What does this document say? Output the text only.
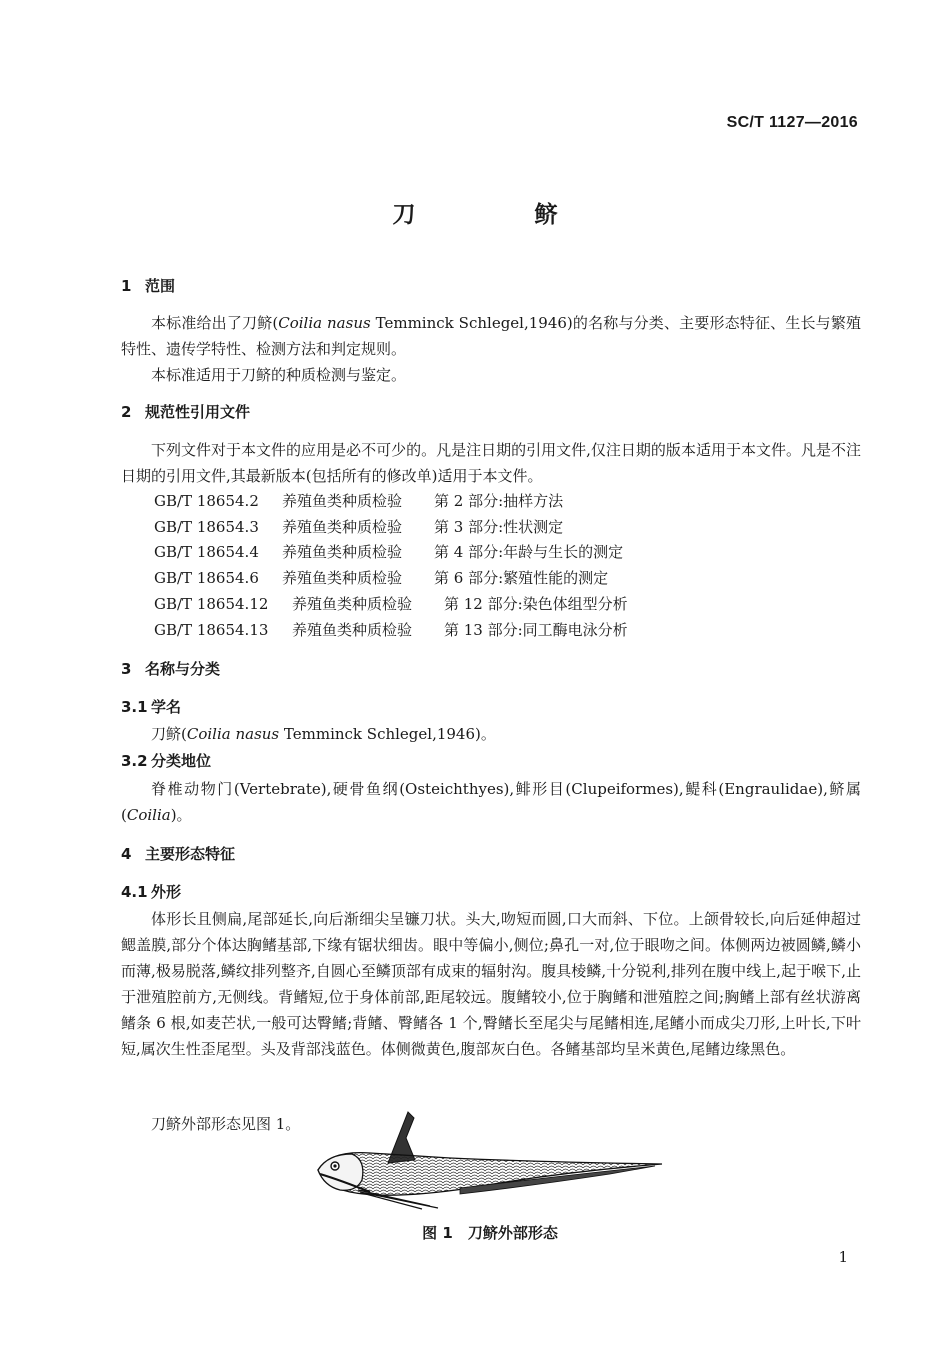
SC/T 1127—2016
刀　鲚
1 范围
本标准给出了刀鲚(Coilia nasus Temminck Schlegel,1946)的名称与分类、主要形态特征、生长与繁殖特性、遗传学特性、检测方法和判定规则。
本标准适用于刀鲚的种质检测与鉴定。
2 规范性引用文件
下列文件对于本文件的应用是必不可少的。凡是注日期的引用文件,仅注日期的版本适用于本文件。凡是不注日期的引用文件,其最新版本(包括所有的修改单)适用于本文件。
GB/T 18654.2 养殖鱼类种质检验 第 2 部分:抽样方法
GB/T 18654.3 养殖鱼类种质检验 第 3 部分:性状测定
GB/T 18654.4 养殖鱼类种质检验 第 4 部分:年龄与生长的测定
GB/T 18654.6 养殖鱼类种质检验 第 6 部分:繁殖性能的测定
GB/T 18654.12 养殖鱼类种质检验 第 12 部分:染色体组型分析
GB/T 18654.13 养殖鱼类种质检验 第 13 部分:同工酶电泳分析
3 名称与分类
3.1 学名
刀鲚(Coilia nasus Temminck Schlegel,1946)。
3.2 分类地位
脊椎动物门(Vertebrate),硬骨鱼纲(Osteichthyes),鲱形目(Clupeiformes),鳀科(Engraulidae),鲚属(Coilia)。
4 主要形态特征
4.1 外形
体形长且侧扁,尾部延长,向后渐细尖呈镰刀状。头大,吻短而圆,口大而斜、下位。上颌骨较长,向后延伸超过鳃盖膜,部分个体达胸鳍基部,下缘有锯状细齿。眼中等偏小,侧位;鼻孔一对,位于眼吻之间。体侧两边被圆鳞,鳞小而薄,极易脱落,鳞纹排列整齐,自圆心至鳞顶部有成束的辐射沟。腹具棱鳞,十分锐利,排列在腹中线上,起于喉下,止于泄殖腔前方,无侧线。背鳍短,位于身体前部,距尾较远。腹鳍较小,位于胸鳍和泄殖腔之间;胸鳍上部有丝状游离鳍条 6 根,如麦芒状,一般可达臀鳍;背鳍、臀鳍各 1 个,臀鳍长至尾尖与尾鳍相连,尾鳍小而成尖刀形,上叶长,下叶短,属次生性歪尾型。头及背部浅蓝色。体侧微黄色,腹部灰白色。各鳍基部均呈米黄色,尾鳍边缘黑色。
刀鲚外部形态见图 1。
图 1　刀鲚外部形态
1
